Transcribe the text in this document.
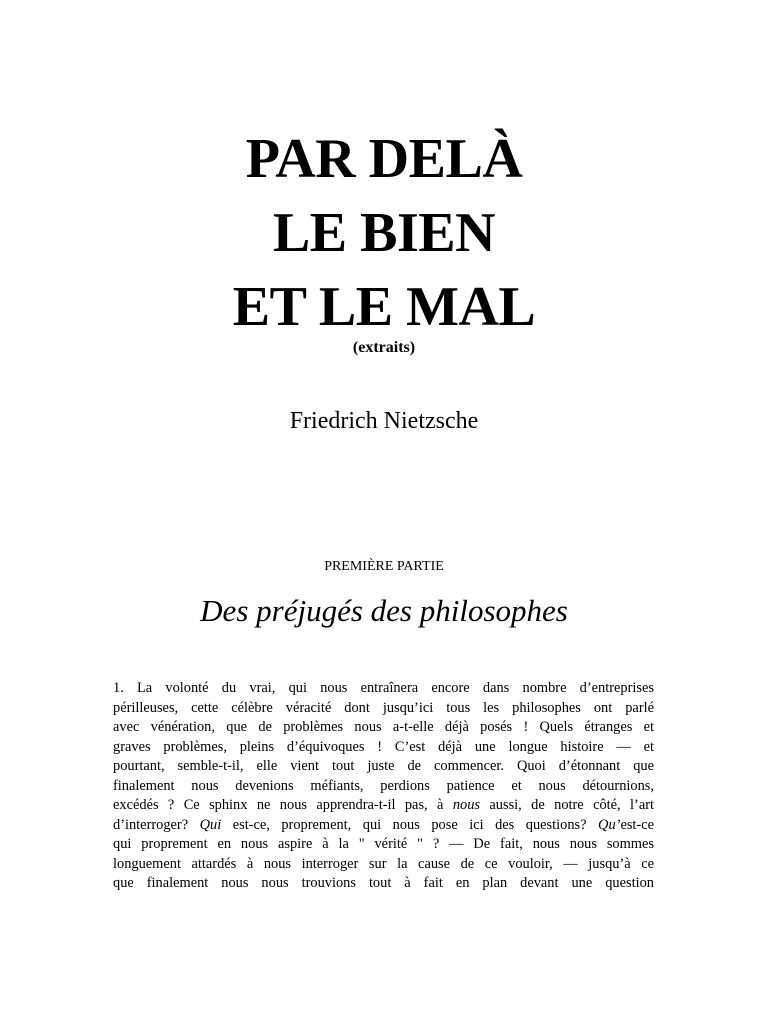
PAR DELÀ
LE BIEN
ET LE MAL
(extraits)
Friedrich Nietzsche
PREMIÈRE PARTIE
Des préjugés des philosophes
1. La volonté du vrai, qui nous entraînera encore dans nombre d’entreprises
périlleuses, cette célèbre véracité dont jusqu’ici tous les philosophes ont parlé
avec vénération, que de problèmes nous a-t-elle déjà posés ! Quels étranges et
graves problèmes, pleins d’équivoques ! C’est déjà une longue histoire — et
pourtant, semble-t-il, elle vient tout juste de commencer. Quoi d’étonnant que
finalement nous devenions méfiants, perdions patience et nous détournions,
excédés ? Ce sphinx ne nous apprendra-t-il pas, à nous aussi, de notre côté, l’art
d’interroger? Qui est-ce, proprement, qui nous pose ici des questions? Qu’est-ce
qui proprement en nous aspire à la " vérité " ? — De fait, nous nous sommes
longuement attardés à nous interroger sur la cause de ce vouloir, — jusqu’à ce
que finalement nous nous trouvions tout à fait en plan devant une question
